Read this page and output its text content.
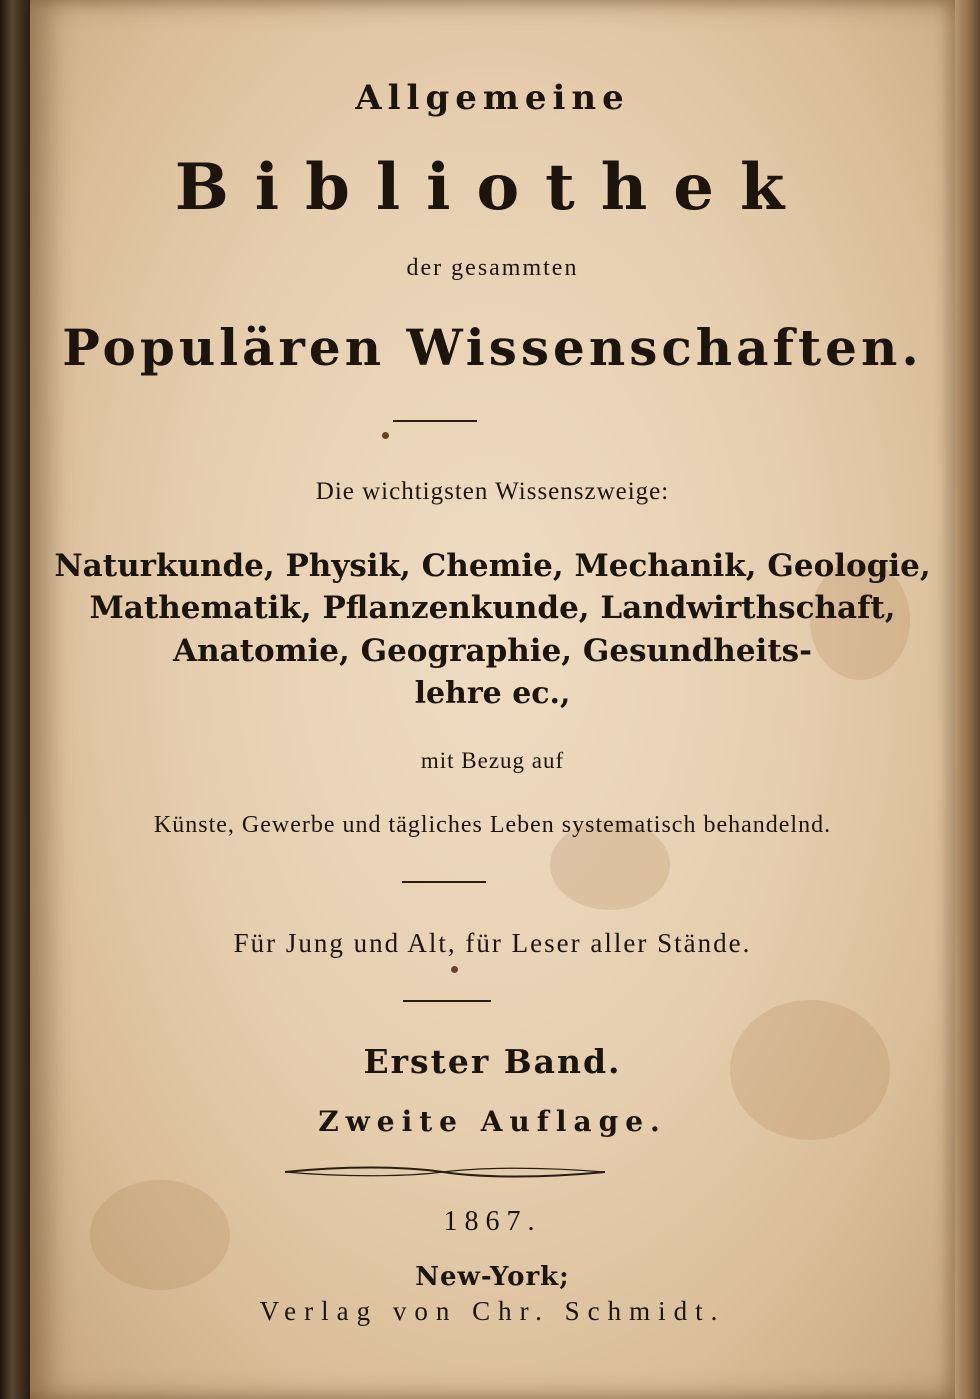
Allgemeine
Bibliothek
der gesammten
Populären Wissenschaften.
Die wichtigsten Wissenszweige:
Naturkunde, Physik, Chemie, Mechanik, Geologie,
Mathematik, Pflanzenkunde, Landwirthschaft,
Anatomie, Geographie, Gesundheits-
lehre ec.,
mit Bezug auf
Künste, Gewerbe und tägliches Leben systematisch behandelnd.
Für Jung und Alt, für Leser aller Stände.
Erster Band.
Zweite Auflage.
1867.
New-York;
Verlag von Chr. Schmidt.
